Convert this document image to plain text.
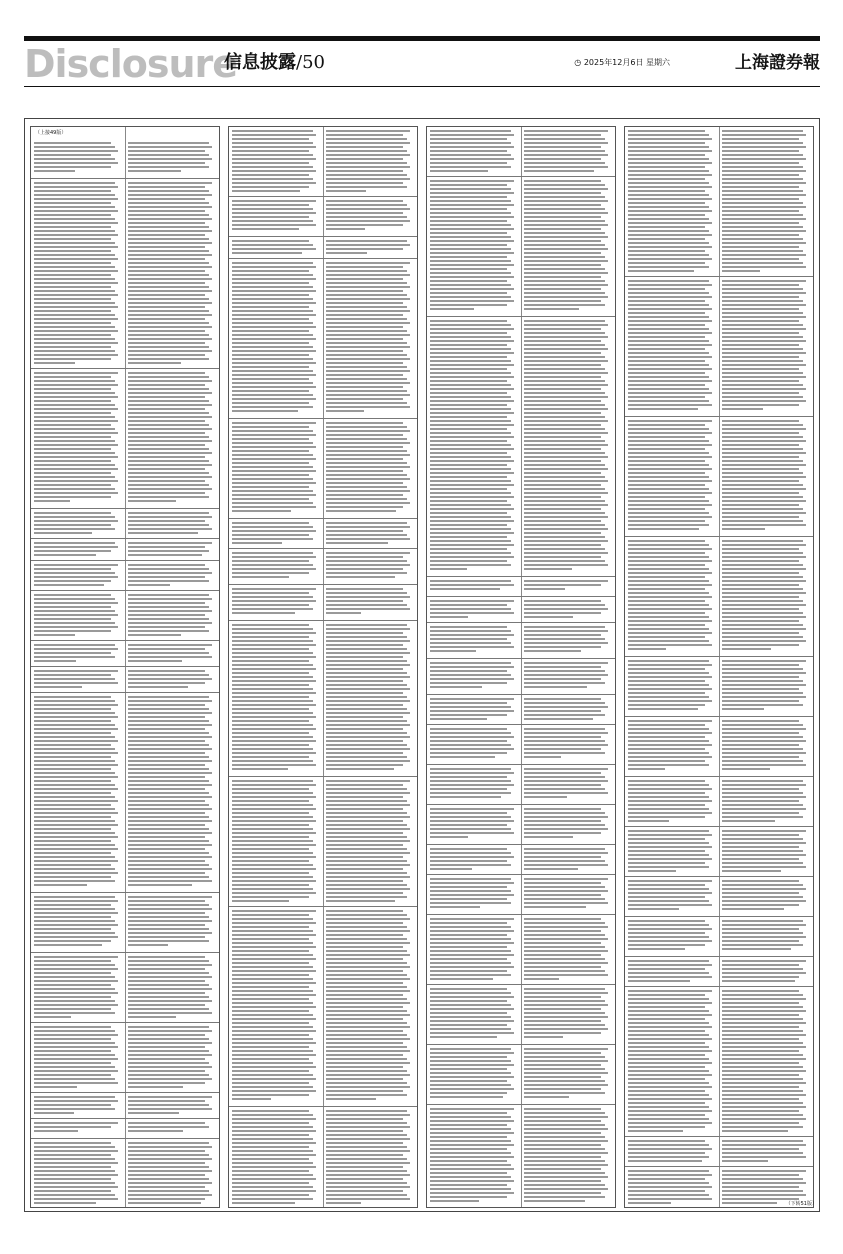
Disclosure
信息披露/50	◷ 2025年12月6日 星期六	上海證券報
（上接49版）
（下转51版）
